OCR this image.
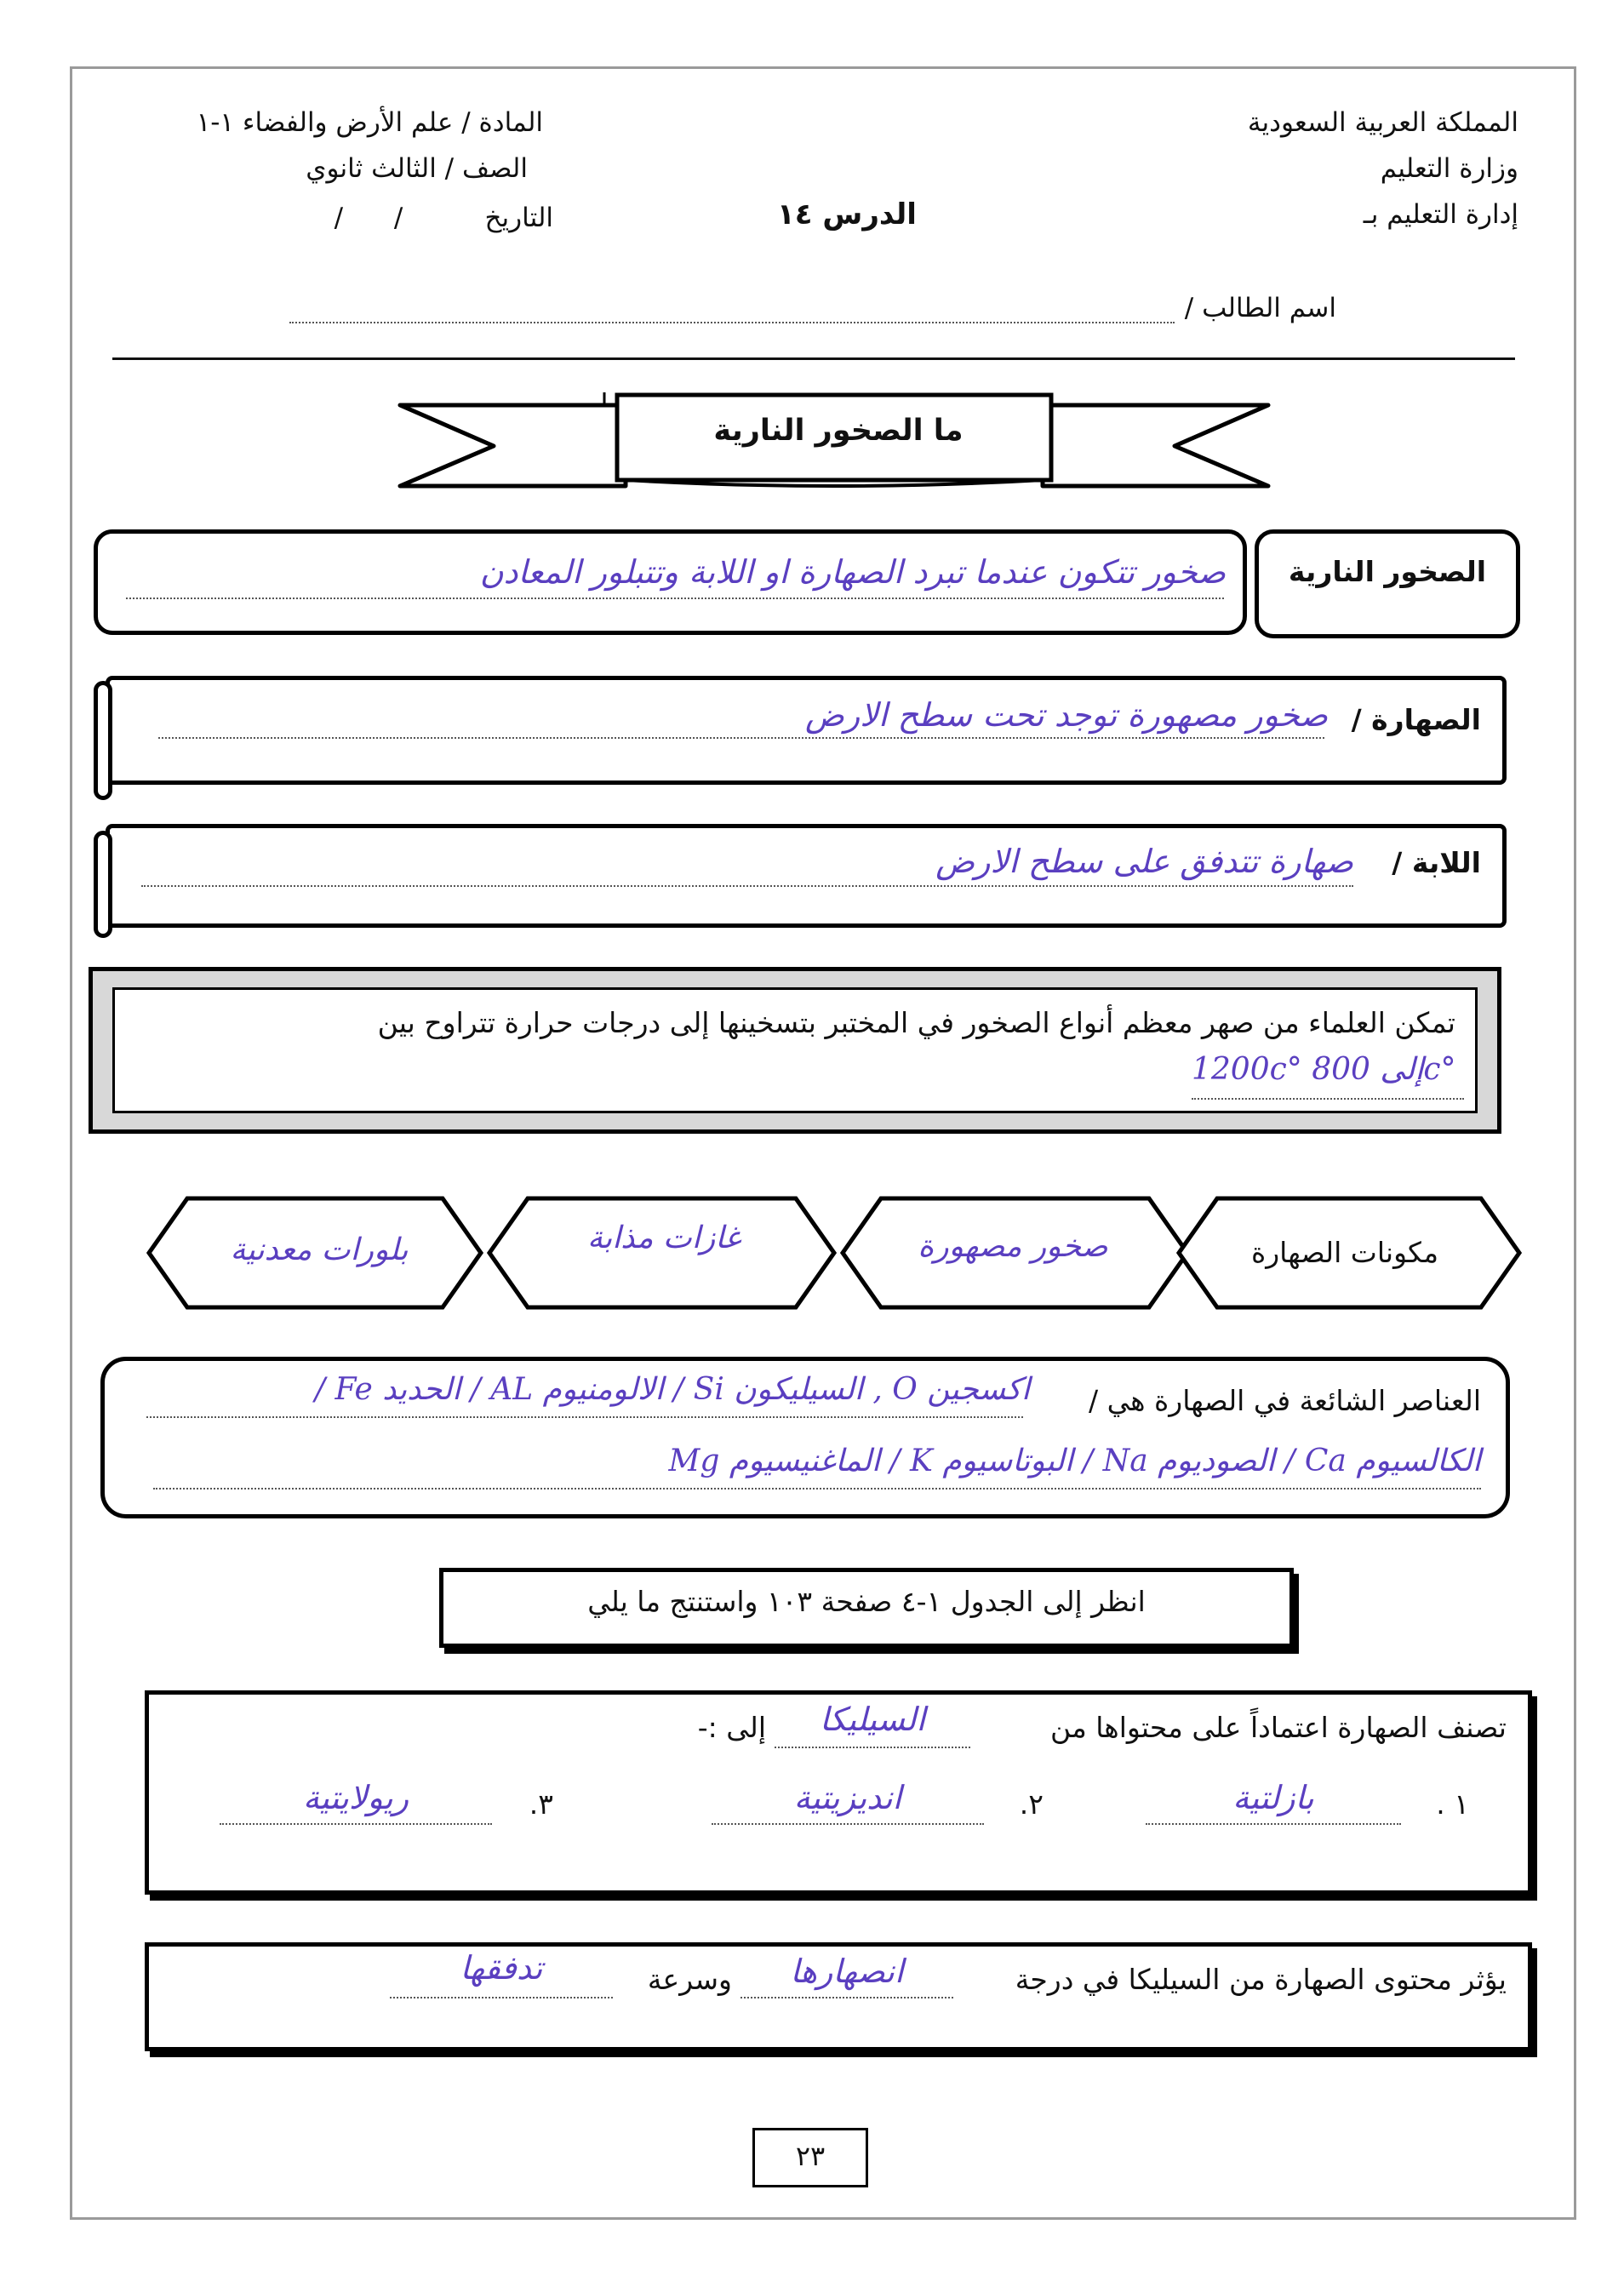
المملكة العربية السعودية
وزارة التعليم
إدارة التعليم بـ
المادة / علم الأرض والفضاء ١-١
الصف / الثالث ثانوي
التاريخ
/ /	الدرس ١٤
اسم الطالب /
ما الصخور النارية
الصخور النارية
صخور تتكون عندما تبرد الصهارة او اللابة وتتبلور المعادن
الصهارة /
صخور مصهورة توجد تحت سطح الارض
اللابة /
صهارة تتدفق على سطح الارض
تمكن العلماء من صهر معظم أنواع الصخور في المختبر بتسخينها إلى درجات حرارة تتراوح بين
1200c° إلى 800c°
مكونات الصهارة
صخور مصهورة
غازات مذابة
بلورات معدنية
العناصر الشائعة في الصهارة هي /
اكسجين O , السيليكون Si / الالومنيوم AL / الحديد Fe /
الكالسيوم Ca / الصوديوم Na / البوتاسيوم K / الماغنيسيوم Mg
انظر إلى الجدول ١-٤ صفحة ١٠٣ واستنتج ما يلي
تصنف الصهارة اعتماداً على محتواها من
السيليكا
إلى :-
١ .
بازلتية
٢.
انديزيتية
٣.
ريولايتية
يؤثر محتوى الصهارة من السيليكا في درجة
انصهارها
وسرعة
تدفقها
٢٣
